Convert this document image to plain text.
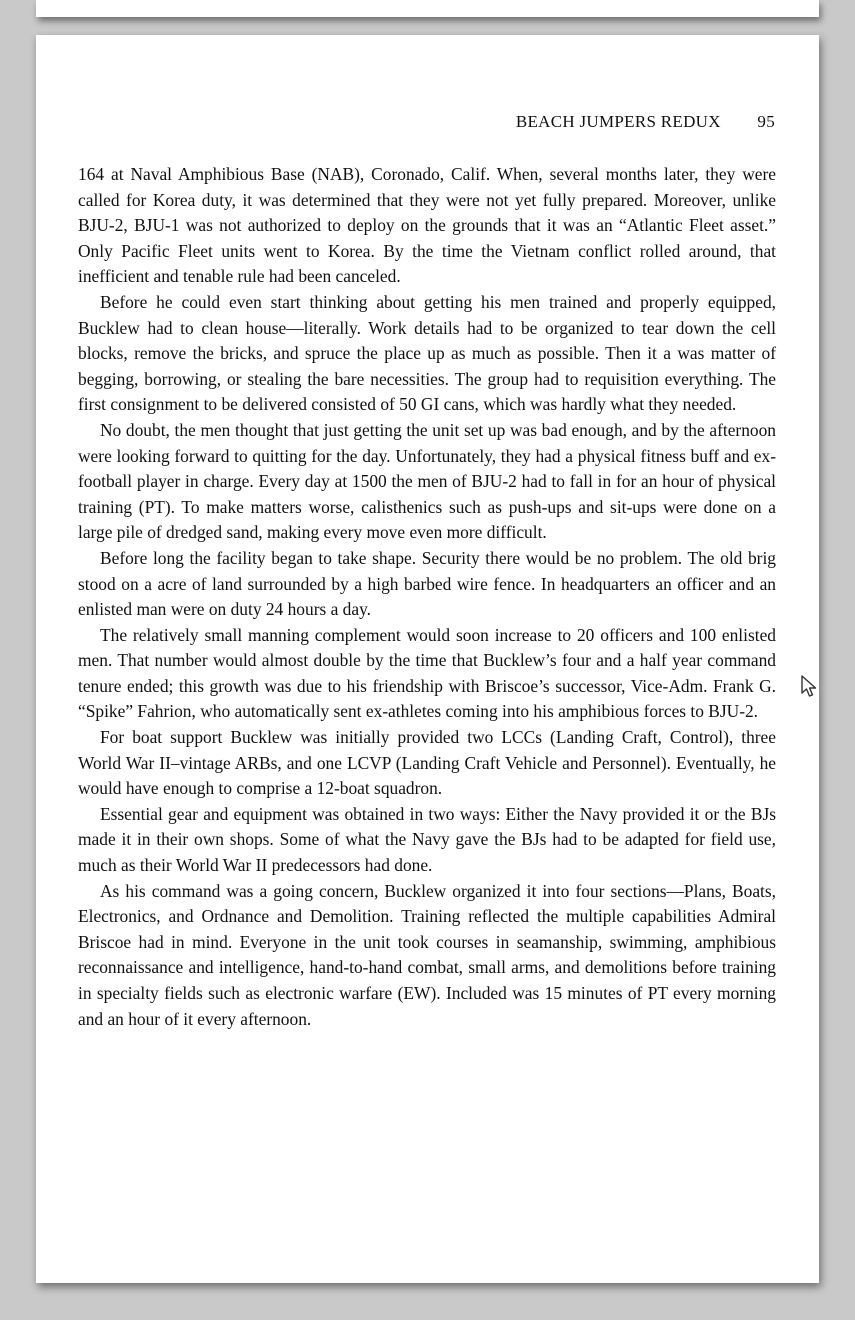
BEACH JUMPERS REDUX 95

164 at Naval Amphibious Base (NAB), Coronado, Calif. When, several months later, they were called for Korea duty, it was determined that they were not yet fully prepared. Moreover, unlike BJU-2, BJU-1 was not authorized to deploy on the grounds that it was an “Atlantic Fleet asset.” Only Pacific Fleet units went to Korea. By the time the Vietnam conflict rolled around, that inefficient and tenable rule had been canceled.

Before he could even start thinking about getting his men trained and properly equipped, Bucklew had to clean house—literally. Work details had to be organized to tear down the cell blocks, remove the bricks, and spruce the place up as much as possible. Then it a was matter of begging, borrowing, or stealing the bare necessities. The group had to requisition everything. The first consignment to be delivered consisted of 50 GI cans, which was hardly what they needed.

No doubt, the men thought that just getting the unit set up was bad enough, and by the afternoon were looking forward to quitting for the day. Unfortunately, they had a physical fitness buff and ex-football player in charge. Every day at 1500 the men of BJU-2 had to fall in for an hour of physical training (PT). To make matters worse, calisthenics such as push-ups and sit-ups were done on a large pile of dredged sand, making every move even more difficult.

Before long the facility began to take shape. Security there would be no problem. The old brig stood on a acre of land surrounded by a high barbed wire fence. In headquarters an officer and an enlisted man were on duty 24 hours a day.

The relatively small manning complement would soon increase to 20 officers and 100 enlisted men. That number would almost double by the time that Bucklew’s four and a half year command tenure ended; this growth was due to his friendship with Briscoe’s successor, Vice-Adm. Frank G. “Spike” Fahrion, who automatically sent ex-athletes coming into his amphibious forces to BJU-2.

For boat support Bucklew was initially provided two LCCs (Landing Craft, Control), three World War II–vintage ARBs, and one LCVP (Landing Craft Vehicle and Personnel). Eventually, he would have enough to comprise a 12-boat squadron.

Essential gear and equipment was obtained in two ways: Either the Navy provided it or the BJs made it in their own shops. Some of what the Navy gave the BJs had to be adapted for field use, much as their World War II predecessors had done.

As his command was a going concern, Bucklew organized it into four sections—Plans, Boats, Electronics, and Ordnance and Demolition. Training reflected the multiple capabilities Admiral Briscoe had in mind. Everyone in the unit took courses in seamanship, swimming, amphibious reconnaissance and intelligence, hand-to-hand combat, small arms, and demolitions before training in specialty fields such as electronic warfare (EW). Included was 15 minutes of PT every morning and an hour of it every afternoon.
